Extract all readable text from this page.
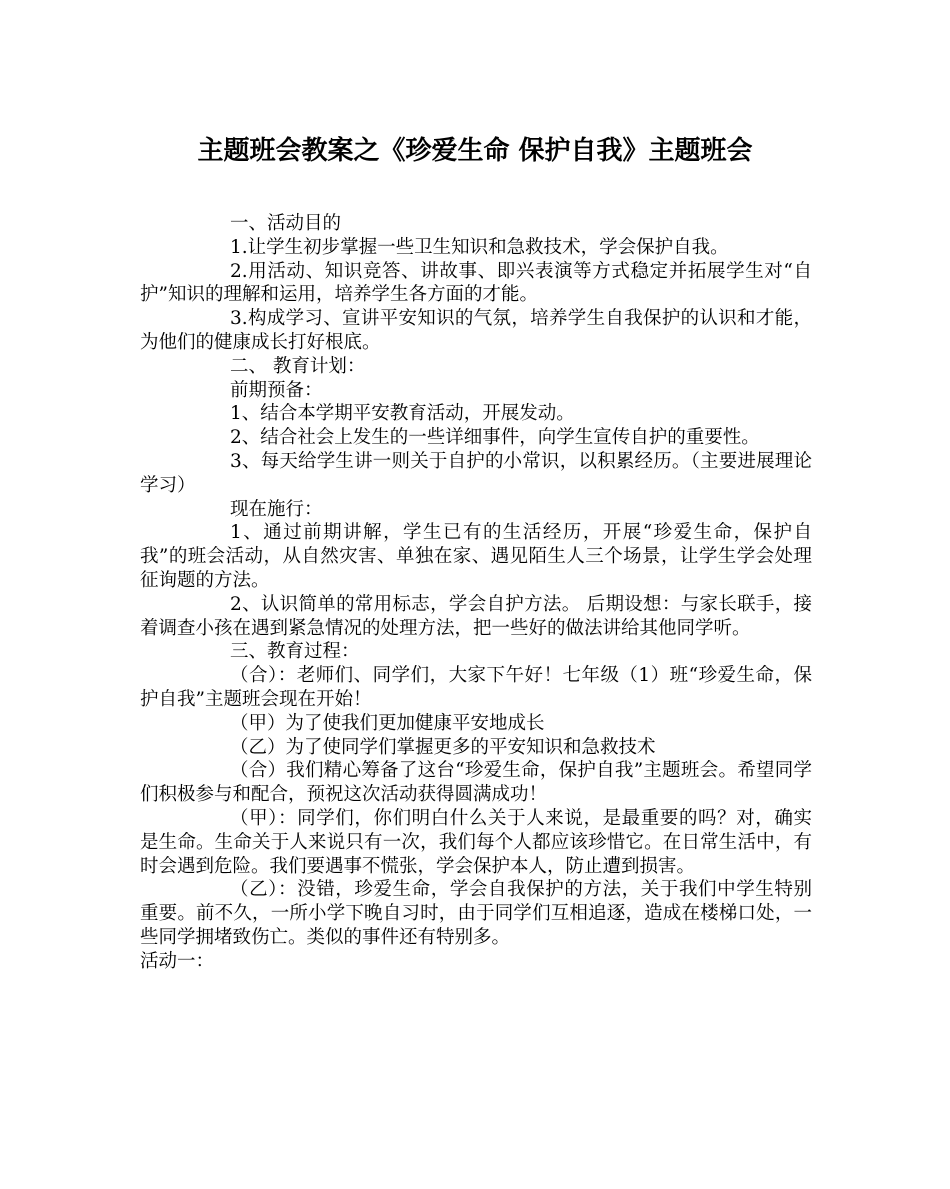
主题班会教案之《珍爱生命 保护自我》主题班会

一、活动目的

1.让学生初步掌握一些卫生知识和急救技术，学会保护自我。

2.用活动、知识竞答、讲故事、即兴表演等方式稳定并拓展学生对“自护”知识的理解和运用，培养学生各方面的才能。

3.构成学习、宣讲平安知识的气氛，培养学生自我保护的认识和才能，为他们的健康成长打好根底。

二、 教育计划：

前期预备：

1、结合本学期平安教育活动，开展发动。

2、结合社会上发生的一些详细事件，向学生宣传自护的重要性。

3、每天给学生讲一则关于自护的小常识，以积累经历。（主要进展理论学习）

现在施行：

1、通过前期讲解，学生已有的生活经历，开展“珍爱生命，保护自我”的班会活动，从自然灾害、单独在家、遇见陌生人三个场景，让学生学会处理征询题的方法。

2、认识简单的常用标志，学会自护方法。 后期设想：与家长联手，接着调查小孩在遇到紧急情况的处理方法，把一些好的做法讲给其他同学听。

三、教育过程：

（合）：老师们、同学们，大家下午好！七年级（1）班“珍爱生命，保护自我”主题班会现在开始！

（甲）为了使我们更加健康平安地成长

（乙）为了使同学们掌握更多的平安知识和急救技术

（合）我们精心筹备了这台“珍爱生命，保护自我”主题班会。希望同学们积极参与和配合，预祝这次活动获得圆满成功！

（甲）：同学们，你们明白什么关于人来说，是最重要的吗？对，确实是生命。生命关于人来说只有一次，我们每个人都应该珍惜它。在日常生活中，有时会遇到危险。我们要遇事不慌张，学会保护本人，防止遭到损害。

（乙）：没错，珍爱生命，学会自我保护的方法，关于我们中学生特别重要。前不久，一所小学下晚自习时，由于同学们互相追逐，造成在楼梯口处，一些同学拥堵致伤亡。类似的事件还有特别多。

活动一：
